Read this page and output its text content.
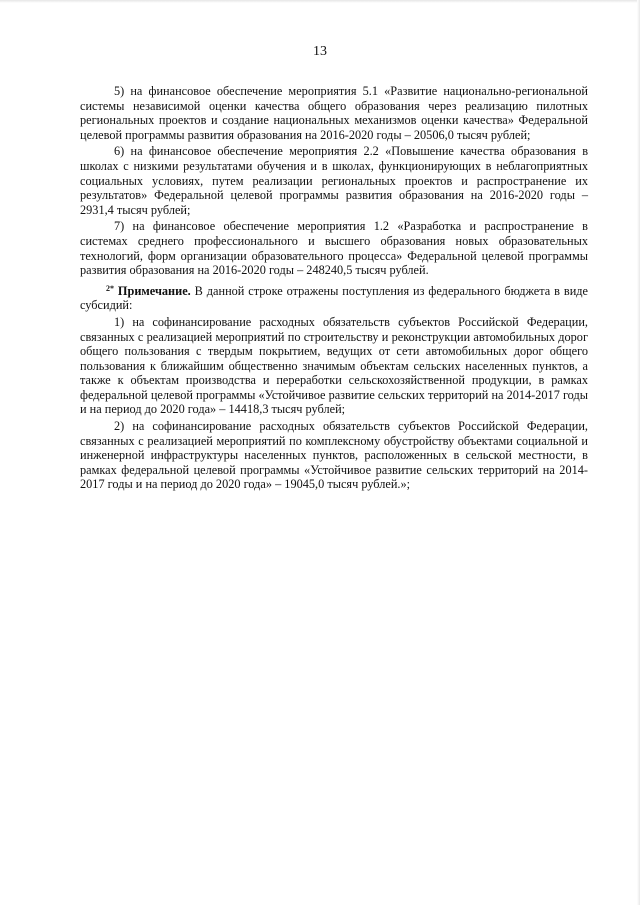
13

5) на финансовое обеспечение мероприятия 5.1 «Развитие национально-региональной системы независимой оценки качества общего образования через реализацию пилотных региональных проектов и создание национальных механизмов оценки качества» Федеральной целевой программы развития образования на 2016-2020 годы – 20506,0 тысяч рублей;

6) на финансовое обеспечение мероприятия 2.2 «Повышение качества образования в школах с низкими результатами обучения и в школах, функционирующих в неблагоприятных социальных условиях, путем реализации региональных проектов и распространение их результатов» Федеральной целевой программы развития образования на 2016-2020 годы – 2931,4 тысяч рублей;

7) на финансовое обеспечение мероприятия 1.2 «Разработка и распространение в системах среднего профессионального и высшего образования новых образовательных технологий, форм организации образовательного процесса» Федеральной целевой программы развития образования на 2016-2020 годы – 248240,5 тысяч рублей.

$^{2*}$ Примечание. В данной строке отражены поступления из федерального бюджета в виде субсидий:

1) на софинансирование расходных обязательств субъектов Российской Федерации, связанных с реализацией мероприятий по строительству и реконструкции автомобильных дорог общего пользования с твердым покрытием, ведущих от сети автомобильных дорог общего пользования к ближайшим общественно значимым объектам сельских населенных пунктов, а также к объектам производства и переработки сельскохозяйственной продукции, в рамках федеральной целевой программы «Устойчивое развитие сельских территорий на 2014-2017 годы и на период до 2020 года» – 14418,3 тысяч рублей;

2) на софинансирование расходных обязательств субъектов Российской Федерации, связанных с реализацией мероприятий по комплексному обустройству объектами социальной и инженерной инфраструктуры населенных пунктов, расположенных в сельской местности, в рамках федеральной целевой программы «Устойчивое развитие сельских территорий на 2014-2017 годы и на период до 2020 года» – 19045,0 тысяч рублей.»;
